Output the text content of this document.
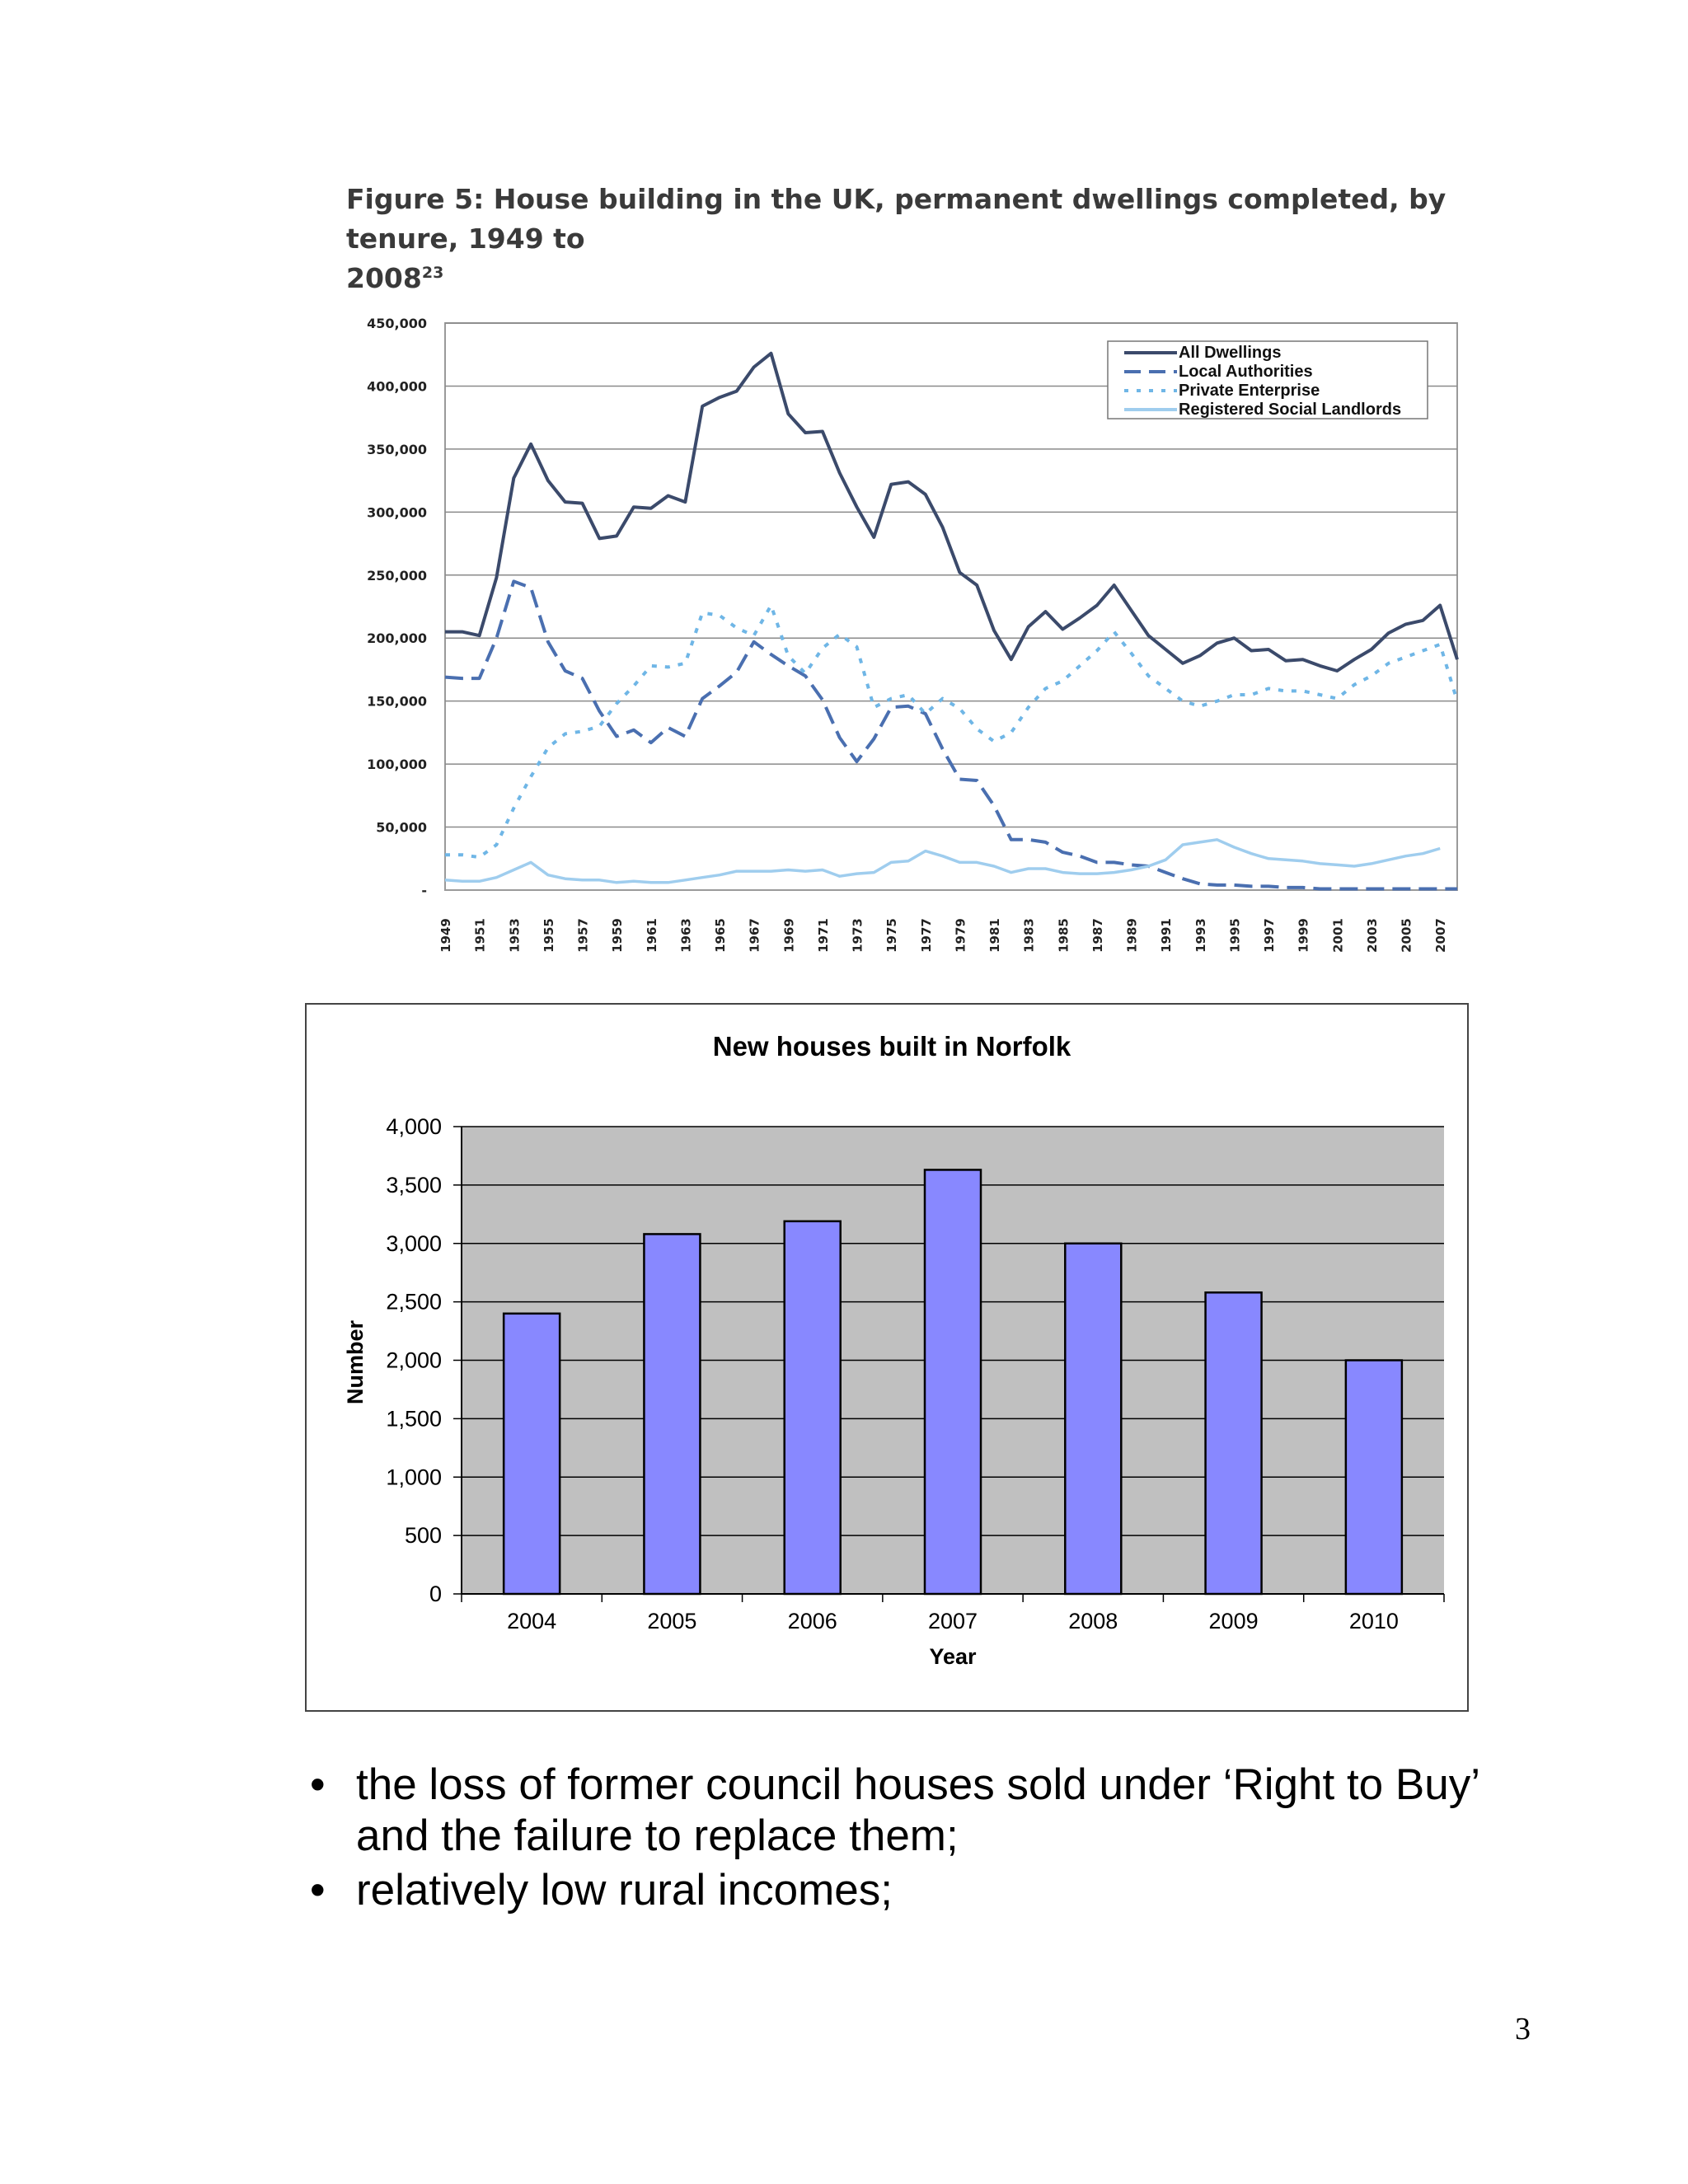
Figure 5: House building in the UK, permanent dwellings completed, by tenure, 1949 to
2008$^{23}$
-
50,000
100,000
150,000
200,000
250,000
300,000
350,000
400,000
450,000
1949 1951 1953 1955 1957 1959 1961 1963 1965 1967 1969 1971 1973 1975 1977 1979 1981 1983 1985 1987 1989 1991 1993 1995 1997 1999 2001 2003 2005 2007
All Dwellings
Local Authorities
Private Enterprise
Registered Social Landlords
New houses built in Norfolk
0
500
1,000
1,500
2,000
2,500
3,000
3,500
4,000
2004	2005	2006	2007	2008	2009	2010
Year
Number
• the loss of former council houses sold under ‘Right to Buy’ and the failure to replace them;
• relatively low rural incomes;
3
